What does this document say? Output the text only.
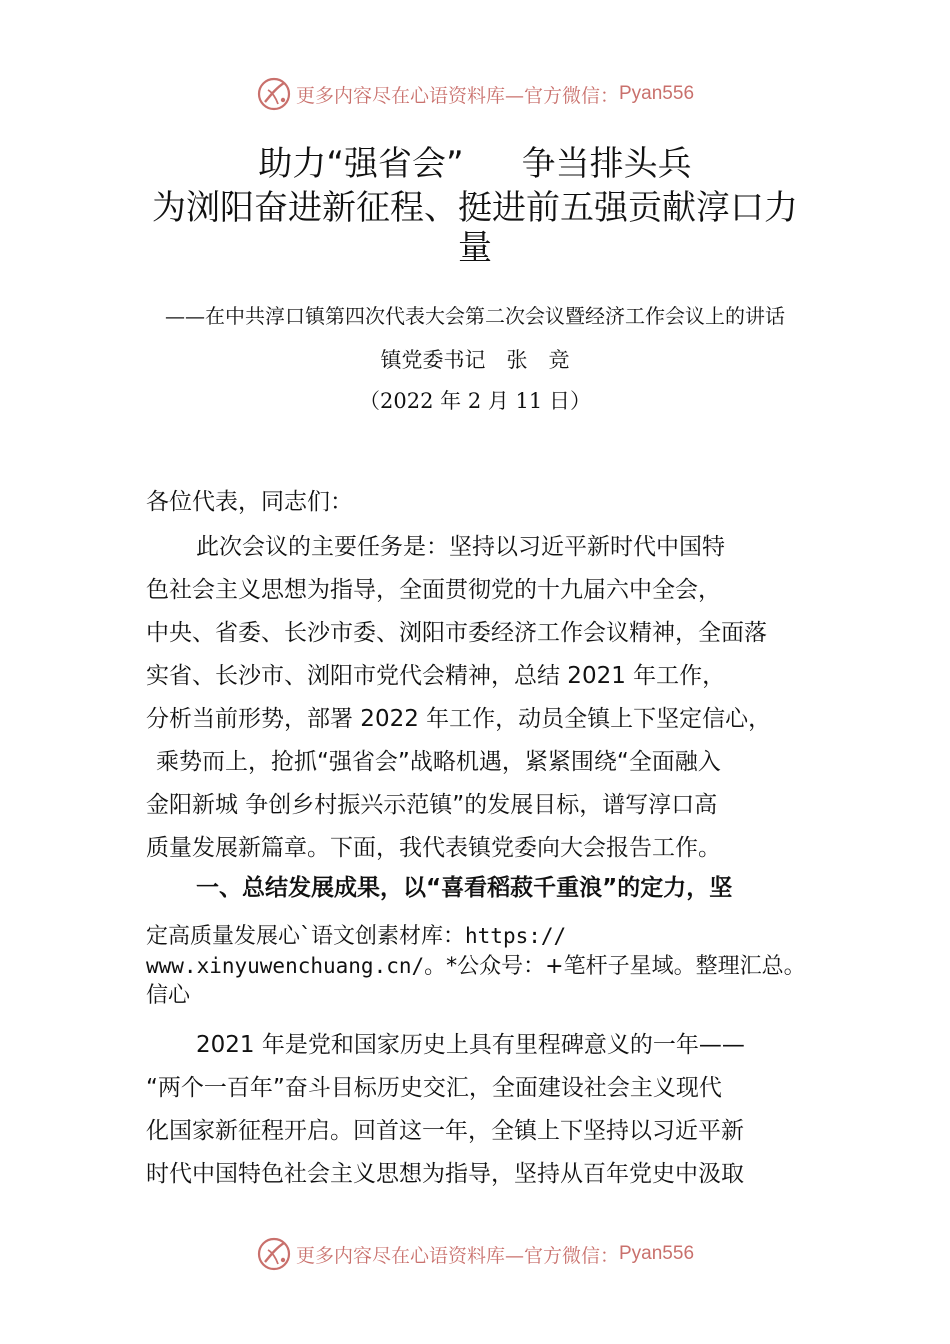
更多内容尽在心语资料库—官方微信： Pyan556
助力“强省会” 争当排头兵
为浏阳奋进新征程、挺进前五强贡献淳口力
量
——在中共淳口镇第四次代表大会第二次会议暨经济工作会议上的讲话
镇党委书记　张　竞
（2022 年 2 月 11 日）
各位代表，同志们：
此次会议的主要任务是：坚持以习近平新时代中国特
色社会主义思想为指导，全面贯彻党的十九届六中全会，
中央、省委、长沙市委、浏阳市委经济工作会议精神，全面落
实省、长沙市、浏阳市党代会精神，总结 2021 年工作，
分析当前形势，部署 2022 年工作，动员全镇上下坚定信心，
乘势而上，抢抓“强省会”战略机遇，紧紧围绕“全面融入
金阳新城 争创乡村振兴示范镇”的发展目标，谱写淳口高
质量发展新篇章。下面，我代表镇党委向大会报告工作。
一、总结发展成果，以“喜看稻菽千重浪”的定力，坚
定高质量发展心`语文创素材库：https://
www.xinyuwenchuang.cn/。*公众号：+笔杆子星域。整理汇总。
信心
2021 年是党和国家历史上具有里程碑意义的一年——
“两个一百年”奋斗目标历史交汇，全面建设社会主义现代
化国家新征程开启。回首这一年，全镇上下坚持以习近平新
时代中国特色社会主义思想为指导，坚持从百年党史中汲取
更多内容尽在心语资料库—官方微信： Pyan556
